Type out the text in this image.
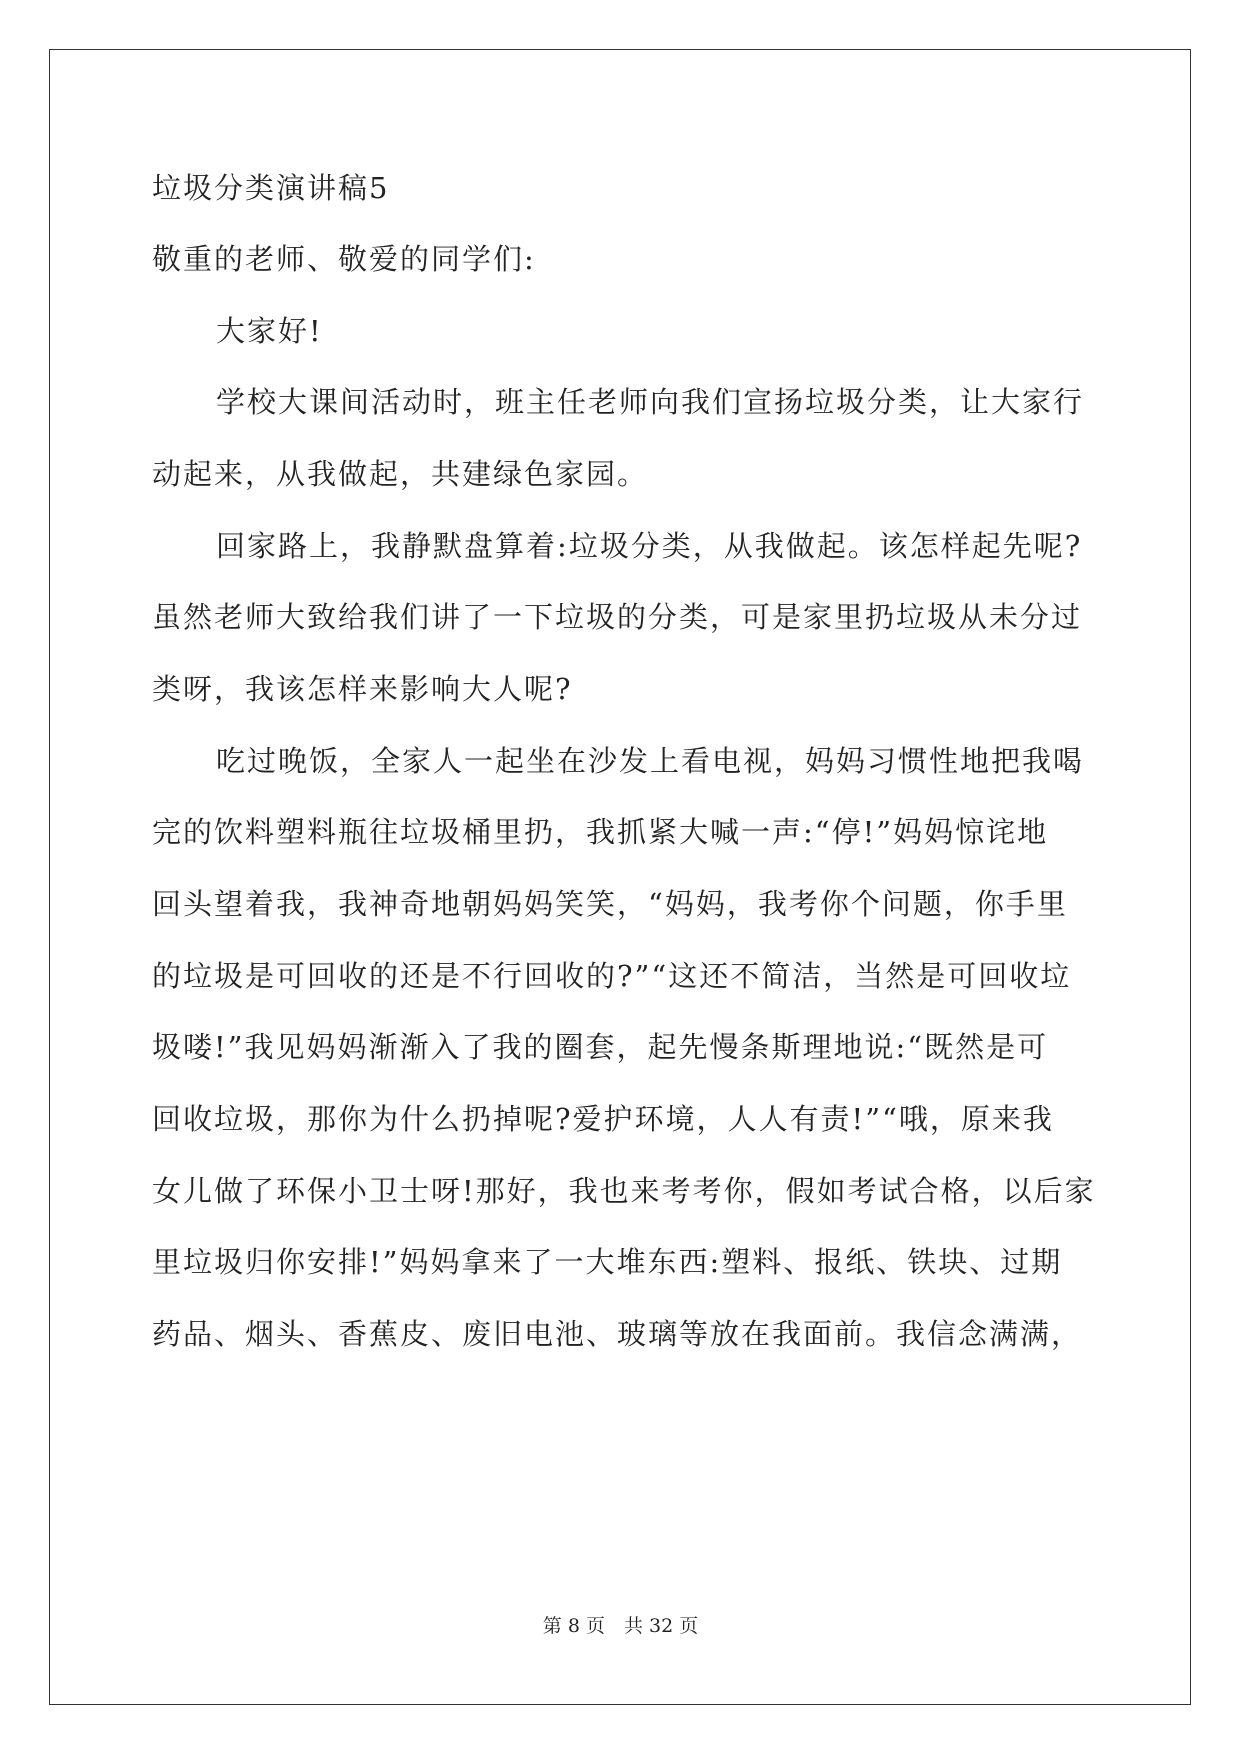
垃圾分类演讲稿5
敬重的老师、敬爱的同学们:
大家好!
学校大课间活动时，班主任老师向我们宣扬垃圾分类，让大家行
动起来，从我做起，共建绿色家园。
回家路上，我静默盘算着:垃圾分类，从我做起。该怎样起先呢?
虽然老师大致给我们讲了一下垃圾的分类，可是家里扔垃圾从未分过
类呀，我该怎样来影响大人呢?
吃过晚饭，全家人一起坐在沙发上看电视，妈妈习惯性地把我喝
完的饮料塑料瓶往垃圾桶里扔，我抓紧大喊一声:“停!”妈妈惊诧地
回头望着我，我神奇地朝妈妈笑笑，“妈妈，我考你个问题，你手里
的垃圾是可回收的还是不行回收的?”“这还不简洁，当然是可回收垃
圾喽!”我见妈妈渐渐入了我的圈套，起先慢条斯理地说:“既然是可
回收垃圾，那你为什么扔掉呢?爱护环境，人人有责!”“哦，原来我
女儿做了环保小卫士呀!那好，我也来考考你，假如考试合格，以后家
里垃圾归你安排!”妈妈拿来了一大堆东西:塑料、报纸、铁块、过期
药品、烟头、香蕉皮、废旧电池、玻璃等放在我面前。我信念满满，
第 8 页　共 32 页
